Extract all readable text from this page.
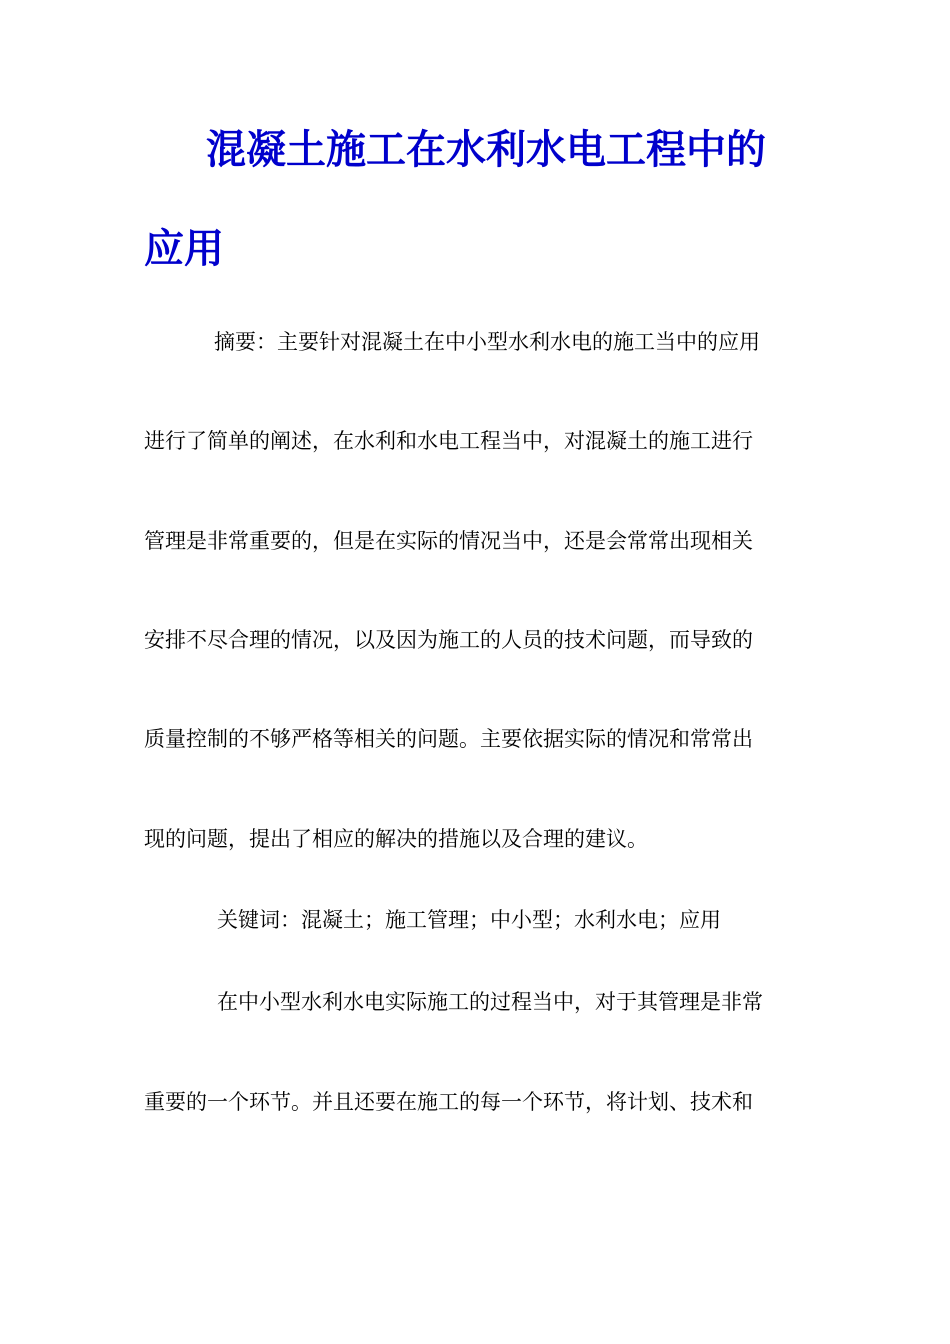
混凝土施工在水利水电工程中的
应用
摘要：主要针对混凝土在中小型水利水电的施工当中的应用
进行了简单的阐述，在水利和水电工程当中，对混凝土的施工进行
管理是非常重要的，但是在实际的情况当中，还是会常常出现相关
安排不尽合理的情况，以及因为施工的人员的技术问题，而导致的
质量控制的不够严格等相关的问题。主要依据实际的情况和常常出
现的问题，提出了相应的解决的措施以及合理的建议。
关键词：混凝土；施工管理；中小型；水利水电；应用
在中小型水利水电实际施工的过程当中，对于其管理是非常
重要的一个环节。并且还要在施工的每一个环节，将计划、技术和
